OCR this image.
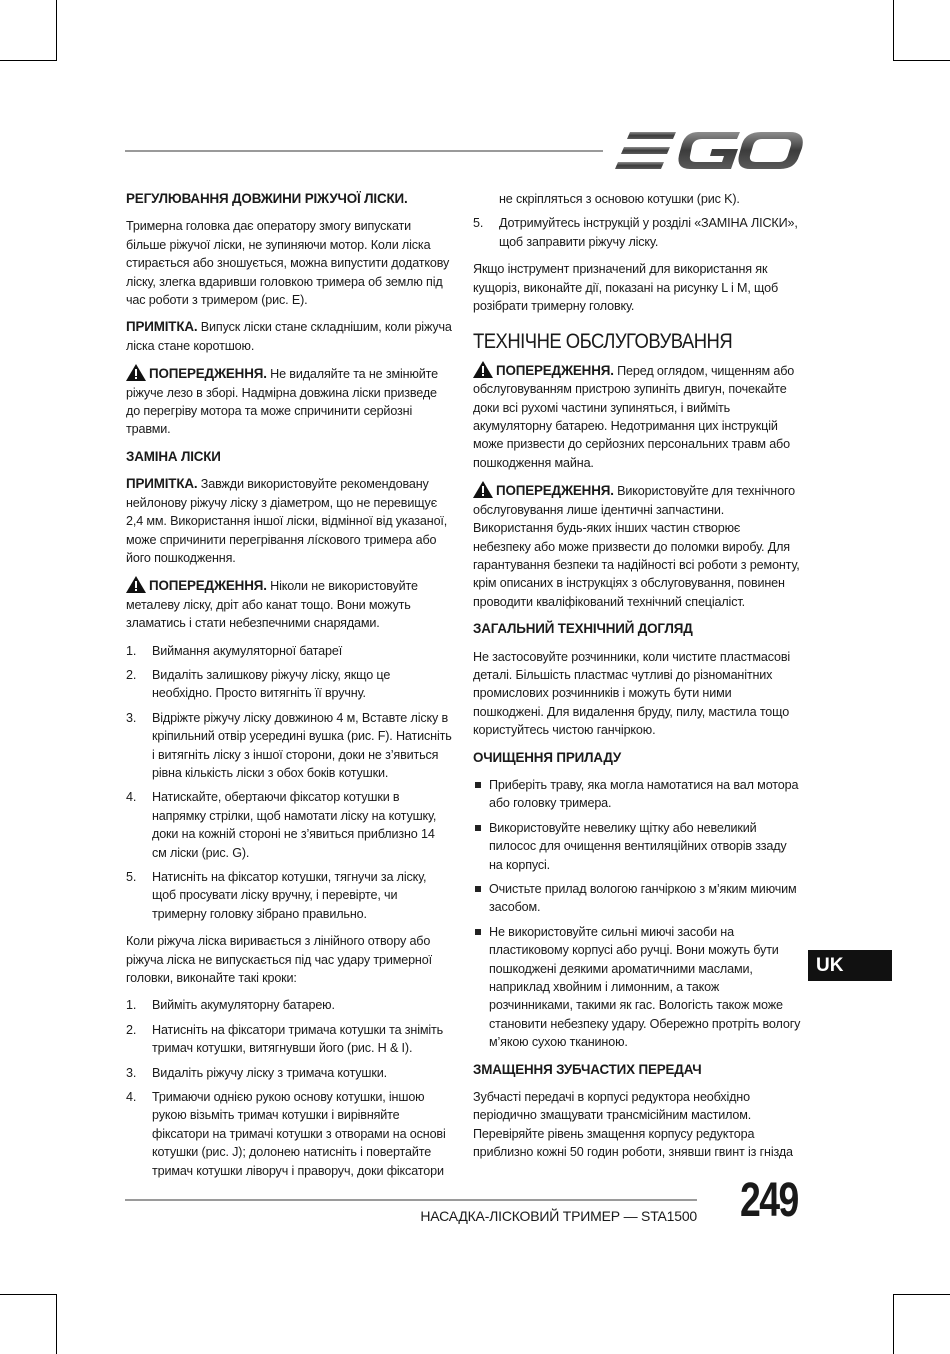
РЕГУЛЮВАННЯ ДОВЖИНИ РІЖУЧОЇ ЛІСКИ.

Тримерна головка дає оператору змогу випускати більше ріжучої ліски, не зупиняючи мотор. Коли ліска стирається або зношується, можна випустити додаткову ліску, злегка вдаривши головкою тримера об землю під час роботи з тримером (рис. E).

ПРИМІТКА. Випуск ліски стане складнішим, коли ріжуча ліска стане коротшою.

ПОПЕРЕДЖЕННЯ. Не видаляйте та не змінюйте ріжуче лезо в зборі. Надмірна довжина ліски призведе до перегріву мотора та може спричинити серйозні травми.

ЗАМІНА ЛІСКИ

ПРИМІТКА. Завжди використовуйте рекомендовану нейлонову ріжучу ліску з діаметром, що не перевищує 2,4 мм. Використання іншої ліски, відмінної від указаної, може спричинити перегрівання лíскового тримера або його пошкодження.

ПОПЕРЕДЖЕННЯ. Ніколи не використовуйте металеву ліску, дріт або канат тощо. Вони можуть зламатись і стати небезпечними снарядами.

1. Виймання акумуляторної батареї
2. Видаліть залишкову ріжучу ліску, якщо це необхідно. Просто витягніть її вручну.
3. Відріжте ріжучу ліску довжиною 4 м, Вставте ліску в кріпильний отвір усередині вушка (рис. F). Натисніть і витягніть ліску з іншої сторони, доки не з’явиться рівна кількість ліски з обох боків котушки.
4. Натискайте, обертаючи фіксатор котушки в напрямку стрілки, щоб намотати ліску на котушку, доки на кожній стороні не з’явиться приблизно 14 см ліски (рис. G).
5. Натисніть на фіксатор котушки, тягнучи за ліску, щоб просувати ліску вручну, і перевірте, чи тримерну головку зібрано правильно.

Коли ріжуча ліска виривається з лінійного отвору або ріжуча ліска не випускається під час удару тримерної головки, виконайте такі кроки:

1. Вийміть акумуляторну батарею.
2. Натисніть на фіксатори тримача котушки та зніміть тримач котушки, витягнувши його (рис. H & I).
3. Видаліть ріжучу ліску з тримача котушки.
4. Тримаючи однією рукою основу котушки, іншою рукою візьміть тримач котушки і вирівняйте фіксатори на тримачі котушки з отворами на основі котушки (рис. J); долонею натисніть і повертайте тримач котушки ліворуч і праворуч, доки фіксатори
не скріпляться з основою котушки (рис K).
5. Дотримуйтесь інструкцій у розділі «ЗАМІНА ЛІСКИ», щоб заправити ріжучу ліску.

Якщо інструмент призначений для використання як кущоріз, виконайте дії, показані на рисунку L і M, щоб розібрати тримерну головку.

ТЕХНІЧНЕ ОБСЛУГОВУВАННЯ

ПОПЕРЕДЖЕННЯ. Перед оглядом, чищенням або обслуговуванням пристрою зупиніть двигун, почекайте доки всі рухомі частини зупиняться, і вийміть акумуляторну батарею. Недотримання цих інструкцій може призвести до серйозних персональних травм або пошкодження майна.

ПОПЕРЕДЖЕННЯ. Використовуйте для технічного обслуговування лише ідентичні запчастини. Використання будь-яких інших частин створює небезпеку або може призвести до поломки виробу. Для гарантування безпеки та надійності всі роботи з ремонту, крім описаних в інструкціях з обслуговування, повинен проводити кваліфікований технічний спеціаліст.

ЗАГАЛЬНИЙ ТЕХНІЧНИЙ ДОГЛЯД

Не застосовуйте розчинники, коли чистите пластмасові деталі. Більшість пластмас чутливі до різноманітних промислових розчинників і можуть бути ними пошкоджені. Для видалення бруду, пилу, мастила тощо користуйтесь чистою ганчіркою.

ОЧИЩЕННЯ ПРИЛАДУ
Приберіть траву, яка могла намотатися на вал мотора або головку тримера.
Використовуйте невелику щітку або невеликий пилосос для очищення вентиляційних отворів ззаду на корпусі.
Очистьте прилад вологою ганчіркою з м’яким миючим засобом.
Не використовуйте сильні миючі засоби на пластиковому корпусі або ручці. Вони можуть бути пошкоджені деякими ароматичними маслами, наприклад хвойним і лимонним, а також розчинниками, такими як гас. Вологість також може становити небезпеку удару. Обережно протріть вологу м’якою сухою тканиною.
ЗМАЩЕННЯ ЗУБЧАСТИХ ПЕРЕДАЧ

Зубчасті передачі в корпусі редуктора необхідно періодично змащувати трансмісійним мастилом. Перевіряйте рівень змащення корпусу редуктора приблизно кожні 50 годин роботи, знявши гвинт із гнізда

UK
НАСАДКА-ЛІСКОВИЙ ТРИМЕР — STA1500 249
